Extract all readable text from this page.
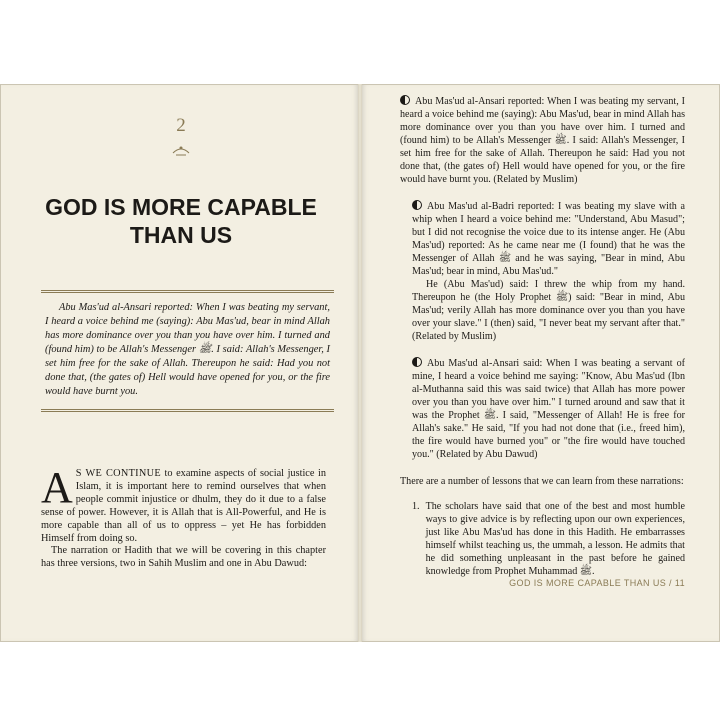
2
GOD IS MORE CAPABLE THAN US

Abu Mas'ud al-Ansari reported: When I was beating my servant, I heard a voice behind me (saying): Abu Mas'ud, bear in mind Allah has more dominance over you than you have over him. I turned and (found him) to be Allah's Messenger ﷺ. I said: Allah's Messenger, I set him free for the sake of Allah. Thereupon he said: Had you not done that, (the gates of) Hell would have opened for you, or the fire would have burnt you.

A S WE CONTINUE to examine aspects of social justice in Islam, it is important here to remind ourselves that when people commit injustice or dhulm, they do it due to a false sense of power. However, it is Allah that is All-Powerful, and He is more capable than all of us to oppress – yet He has forbidden Himself from doing so.

The narration or Hadith that we will be covering in this chapter has three versions, two in Sahih Muslim and one in Abu Dawud:

Abu Mas'ud al-Ansari reported: When I was beating my servant, I heard a voice behind me (saying): Abu Mas'ud, bear in mind Allah has more dominance over you than you have over him. I turned and (found him) to be Allah's Messenger ﷺ. I said: Allah's Messenger, I set him free for the sake of Allah. Thereupon he said: Had you not done that, (the gates of) Hell would have opened for you, or the fire would have burnt you. (Related by Muslim)

Abu Mas'ud al-Badri reported: I was beating my slave with a whip when I heard a voice behind me: "Understand, Abu Masud"; but I did not recognise the voice due to its intense anger. He (Abu Mas'ud) reported: As he came near me (I found) that he was the Messenger of Allah ﷺ and he was saying, "Bear in mind, Abu Mas'ud; bear in mind, Abu Mas'ud."

He (Abu Mas'ud) said: I threw the whip from my hand. Thereupon he (the Holy Prophet ﷺ) said: "Bear in mind, Abu Mas'ud; verily Allah has more dominance over you than you have over your slave." I (then) said, "I never beat my servant after that." (Related by Muslim)

Abu Mas'ud al-Ansari said: When I was beating a servant of mine, I heard a voice behind me saying: "Know, Abu Mas'ud (Ibn al-Muthanna said this was said twice) that Allah has more power over you than you have over him." I turned around and saw that it was the Prophet ﷺ. I said, "Messenger of Allah! He is free for Allah's sake." He said, "If you had not done that (i.e., freed him), the fire would have burned you" or "the fire would have touched you." (Related by Abu Dawud)

There are a number of lessons that we can learn from these narrations:

1. The scholars have said that one of the best and most humble ways to give advice is by reflecting upon our own experiences, just like Abu Mas'ud has done in this Hadith. He embarrasses himself whilst teaching us, the ummah, a lesson. He admits that he did something unpleasant in the past before he gained knowledge from Prophet Muhammad ﷺ.
GOD IS MORE CAPABLE THAN US / 11
